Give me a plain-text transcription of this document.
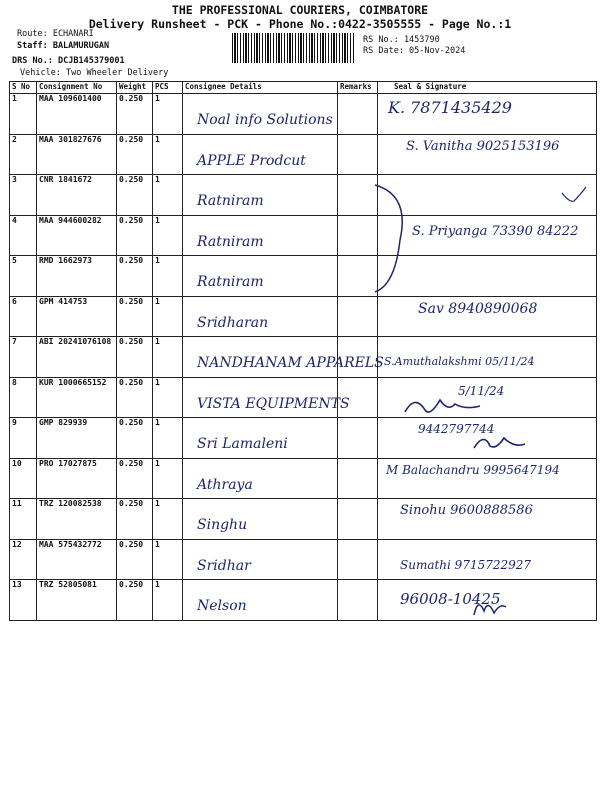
THE PROFESSIONAL COURIERS, COIMBATORE
Delivery Runsheet - PCK - Phone No.:0422-3505555 - Page No.:1
Route: ECHANARI
Staff: BALAMURUGAN
DRS No.: DCJB145379001
Vehicle: Two Wheeler Delivery
RS No.: 1453790
RS Date: 05-Nov-2024
S No	Consignment No	Weight	PCS	Consignee Details	Remarks	Seal & Signature
1	MAA 109601400	0.250	1	Noal info Solutions		K. 7871435429

2	MAA 301827676	0.250	1	APPLE Prodcut		S. Vanitha 9025153196

3	CNR 1841672	0.250	1	Ratniram		

4	MAA 944600282	0.250	1	Ratniram		S. Priyanga 73390 84222

5	RMD 1662973	0.250	1	Ratniram		

6	GPM 414753	0.250	1	Sridharan		Sav 8940890068

7	ABI 20241076108	0.250	1	NANDHANAM APPARELS		S.Amuthalakshmi 05/11/24

8	KUR 1000665152	0.250	1	VISTA EQUIPMENTS		5/11/24

9	GMP 829939	0.250	1	Sri Lamaleni		9442797744

10	PRO 17027875	0.250	1	Athraya		M Balachandru 9995647194

11	TRZ 120082538	0.250	1	Singhu		Sinohu 9600888586

12	MAA 575432772	0.250	1	Sridhar		Sumathi 9715722927

13	TRZ 52805081	0.250	1	Nelson		96008-10425
